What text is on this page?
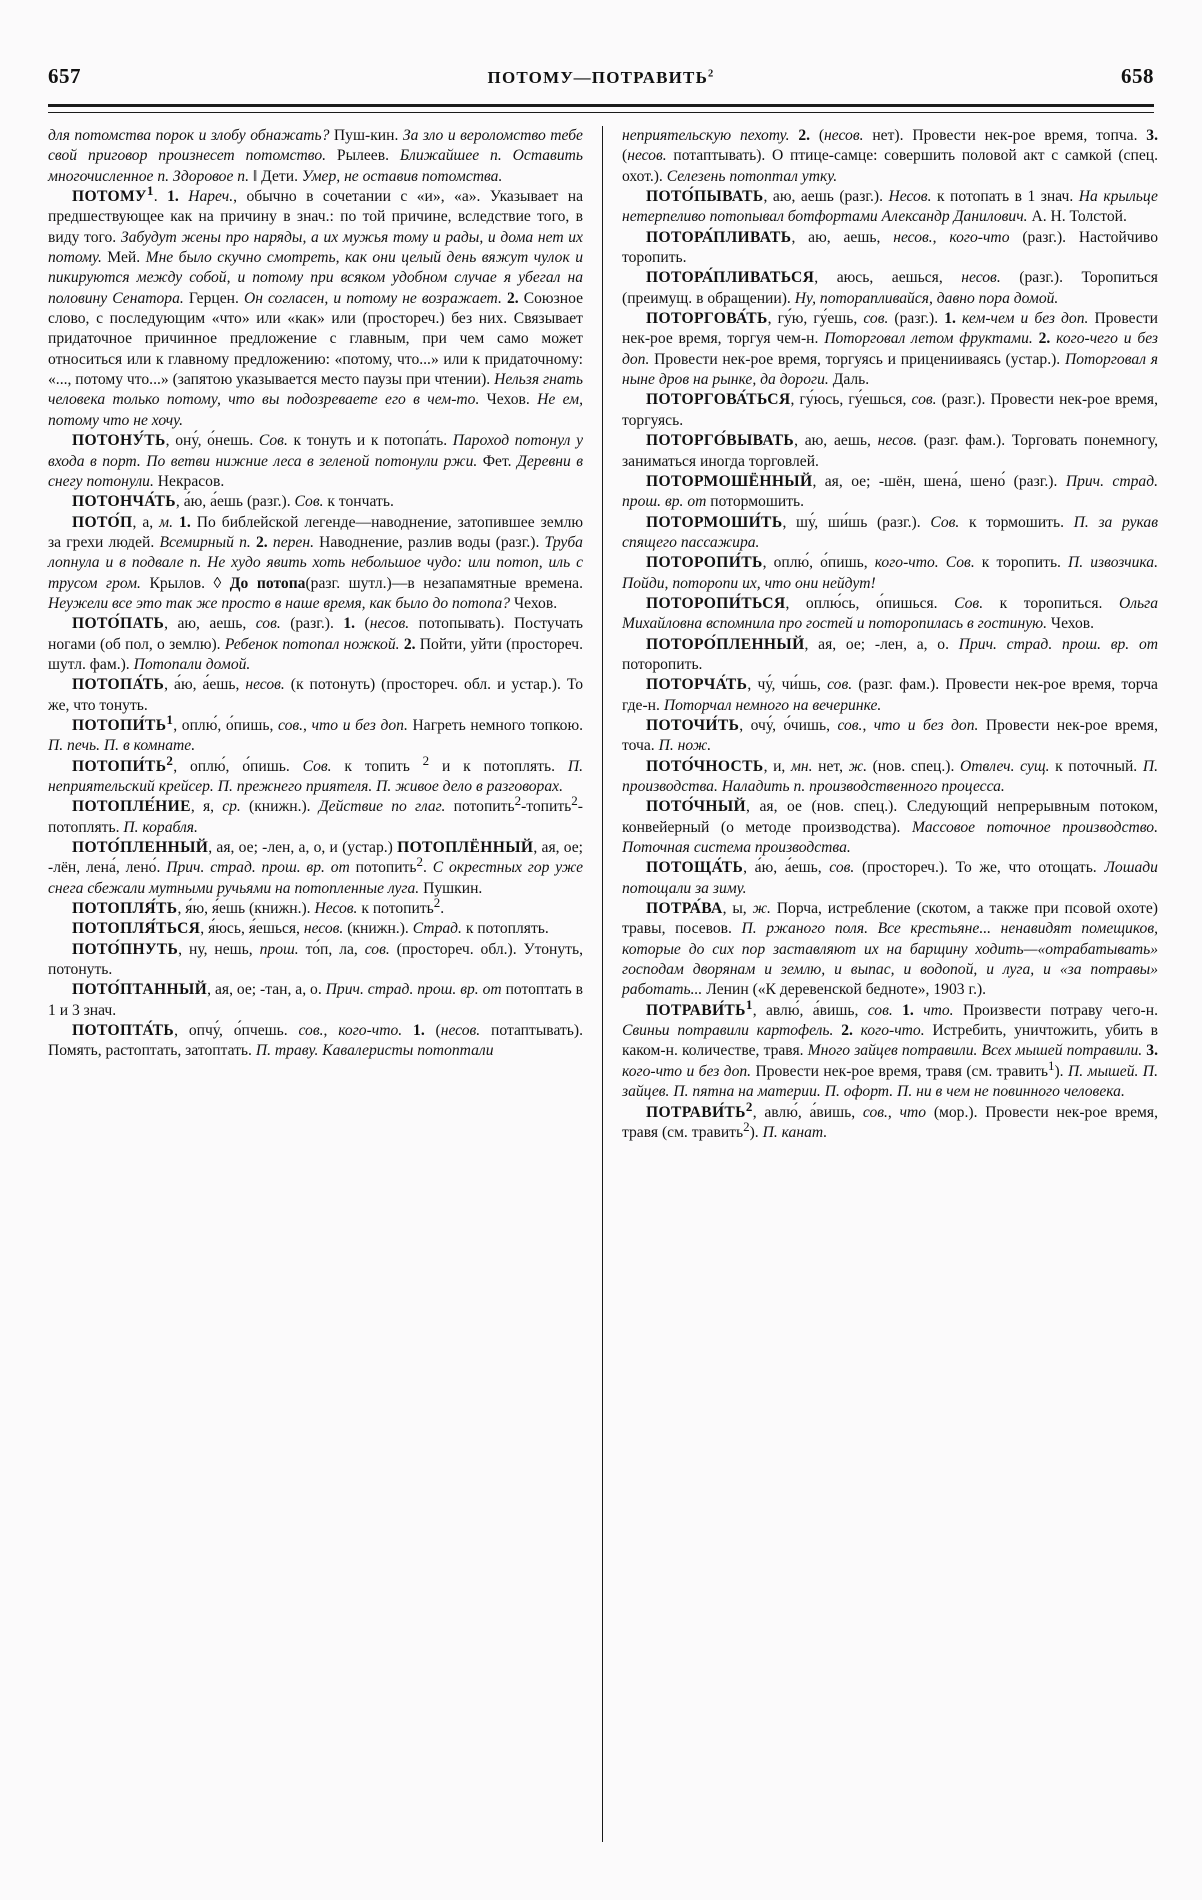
657	ПОТОМУ—ПОТРАВИТЬ$^2$	658

для потомства порок и злобу обнажать? Пуш-кин. За зло и вероломство тебе свой приговор произнесет потомство. Рылеев. Ближайшее п. Оставить многочисленное п. Здоровое п. ‖ Дети. Умер, не оставив потомства.

ПОТОМУ$^1$. 1. Нареч., обычно в сочетании с «и», «а». Указывает на предшествующее как на причину в знач.: по той причине, вследствие того, в виду того. Забудут жены про наряды, а их мужья тому и рады, и дома нет их потому. Мей. Мне было скучно смотреть, как они целый день вяжут чулок и пикируются между собой, и потому при всяком удобном случае я убегал на половину Сенатора. Герцен. Он согласен, и потому не возражает. 2. Союзное слово, с последующим «что» или «как» или (простореч.) без них. Связывает придаточное причинное предложение с главным, при чем само может относиться или к главному предложению: «потому, что...» или к придаточному: «..., потому что...» (запятою указывается место паузы при чтении). Нельзя гнать человека только потому, что вы подозреваете его в чем-то. Чехов. Не ем, потому что не хочу.

ПОТОНУ́ТЬ, ону́, о́нешь. Сов. к тонуть и к потопа́ть. Пароход потонул у входа в порт. По ветви нижние леса в зеленой потонули ржи. Фет. Деревни в снегу потонули. Некрасов.

ПОТОНЧА́ТЬ, а́ю, а́ешь (разг.). Сов. к тончать.

ПОТО́П, а, м. 1. По библейской легенде—наводнение, затопившее землю за грехи людей. Всемирный п. 2. перен. Наводнение, разлив воды (разг.). Труба лопнула и в подвале п. Не худо явить хоть небольшое чудо: или потоп, иль с трусом гром. Крылов. ◊ До потопа(разг. шутл.)—в незапамятные времена. Неужели все это так же просто в наше время, как было до потопа? Чехов.

ПОТО́ПАТЬ, аю, аешь, сов. (разг.). 1. (несов. потопывать). Постучать ногами (об пол, о землю). Ребенок потопал ножкой. 2. Пойти, уйти (простореч. шутл. фам.). Потопали домой.

ПОТОПА́ТЬ, а́ю, а́ешь, несов. (к потонуть) (простореч. обл. и устар.). То же, что тонуть.

$ПОТОПИ́ТЬ^1$, оплю́, о́пишь, сов., что и без доп. Нагреть немного топкою. П. печь. П. в комнате.

$ПОТОПИ́ТЬ^2$, оплю́, о́пишь. Сов. к топить $^2$ и к потоплять. П. неприятельский крейсер. П. прежнего приятеля. П. живое дело в разговорах.

ПОТОПЛЕ́НИЕ, я, ср. (книжн.). Действие по глаг. потопить$^2$-топить$^2$-потоплять. П. корабля.

ПОТО́ПЛЕННЫЙ, ая, ое; -лен, а, о, и (устар.) ПОТОПЛЁННЫЙ, ая, ое; -лён, лена́, лено́. Прич. страд. прош. вр. от потопить$^2$. С окрестных гор уже снега сбежали мутными ручьями на потопленные луга. Пушкин.

ПОТОПЛЯ́ТЬ, я́ю, я́ешь (книжн.). Несов. к потопить$^2$.

ПОТОПЛЯ́ТЬСЯ, я́юсь, я́ешься, несов. (книжн.). Страд. к потоплять.

ПОТО́ПНУТЬ, ну, нешь, прош. то́п, ла, сов. (простореч. обл.). Утонуть, потонуть.

ПОТО́ПТАННЫЙ, ая, ое; -тан, а, о. Прич. страд. прош. вр. от потоптать в 1 и 3 знач.

ПОТОПТА́ТЬ, опчу́, о́пчешь. сов., кого-что. 1. (несов. потаптывать). Помять, растоптать, затоптать. П. траву. Кавалеристы потоптали

неприятельскую пехоту. 2. (несов. нет). Провести нек-рое время, топча. 3. (несов. потаптывать). О птице-самце: совершить половой акт с самкой (спец. охот.). Селезень потоптал утку.

ПОТО́ПЫВАТЬ, аю, аешь (разг.). Несов. к потопать в 1 знач. На крыльце нетерпеливо потопывал ботфортами Александр Данилович. А. Н. Толстой.

ПОТОРА́ПЛИВАТЬ, аю, аешь, несов., кого-что (разг.). Настойчиво торопить.

ПОТОРА́ПЛИВАТЬСЯ, аюсь, аешься, несов. (разг.). Торопиться (преимущ. в обращении). Ну, поторапливайся, давно пора домой.

ПОТОРГОВА́ТЬ, гу́ю, гу́ешь, сов. (разг.). 1. кем-чем и без доп. Провести нек-рое время, торгуя чем-н. Поторговал летом фруктами. 2. кого-чего и без доп. Провести нек-рое время, торгуясь и приценииваясь (устар.). Поторговал я ныне дров на рынке, да дороги. Даль.

ПОТОРГОВА́ТЬСЯ, гу́юсь, гу́ешься, сов. (разг.). Провести нек-рое время, торгуясь.

ПОТОРГО́ВЫВАТЬ, аю, аешь, несов. (разг. фам.). Торговать понемногу, заниматься иногда торговлей.

ПОТОРМОШЁННЫЙ, ая, ое; -шён, шена́, шено́ (разг.). Прич. страд. прош. вр. от потормошить.

ПОТОРМОШИ́ТЬ, шу́, ши́шь (разг.). Сов. к тормошить. П. за рукав спящего пассажира.

ПОТОРОПИ́ТЬ, оплю́, о́пишь, кого-что. Сов. к торопить. П. извозчика. Пойди, поторопи их, что они нейдут!

ПОТОРОПИ́ТЬСЯ, оплю́сь, о́пишься. Сов. к торопиться. Ольга Михайловна вспомнила про гостей и поторопилась в гостиную. Чехов.

ПОТОРО́ПЛЕННЫЙ, ая, ое; -лен, а, о. Прич. страд. прош. вр. от поторопить.

ПОТОРЧА́ТЬ, чу́, чи́шь, сов. (разг. фам.). Провести нек-рое время, торча где-н. Поторчал немного на вечеринке.

ПОТОЧИ́ТЬ, очу́, о́чишь, сов., что и без доп. Провести нек-рое время, точа. П. нож.

ПОТО́ЧНОСТЬ, и, мн. нет, ж. (нов. спец.). Отвлеч. сущ. к поточный. П. производства. Наладить п. производственного процесса.

ПОТО́ЧНЫЙ, ая, ое (нов. спец.). Следующий непрерывным потоком, конвейерный (о методе производства). Массовое поточное производство. Поточная система производства.

ПОТОЩА́ТЬ, а́ю, а́ешь, сов. (простореч.). То же, что отощать. Лошади потощали за зиму.

ПОТРА́ВА, ы, ж. Порча, истребление (скотом, а также при псовой охоте) травы, посевов. П. ржаного поля. Все крестьяне... ненавидят помещиков, которые до сих пор заставляют их на барщину ходить—«отрабатывать» господам дворянам и землю, и выпас, и водопой, и луга, и «за потравы» работать... Ленин («К деревенской бедноте», 1903 г.).

$ПОТРАВИ́ТЬ^1$, авлю́, а́вишь, сов. 1. что. Произвести потраву чего-н. Свиньи потравили картофель. 2. кого-что. Истребить, уничтожить, убить в каком-н. количестве, травя. Много зайцев потравили. Всех мышей потравили. 3. кого-что и без доп. Провести нек-рое время, травя (см. травить$^1$). П. мышей. П. зайцев. П. пятна на материи. П. офорт. П. ни в чем не повинного человека.

$ПОТРАВИ́ТЬ^2$, авлю́, а́вишь, сов., что (мор.). Провести нек-рое время, травя (см. травить$^2$). П. канат.
